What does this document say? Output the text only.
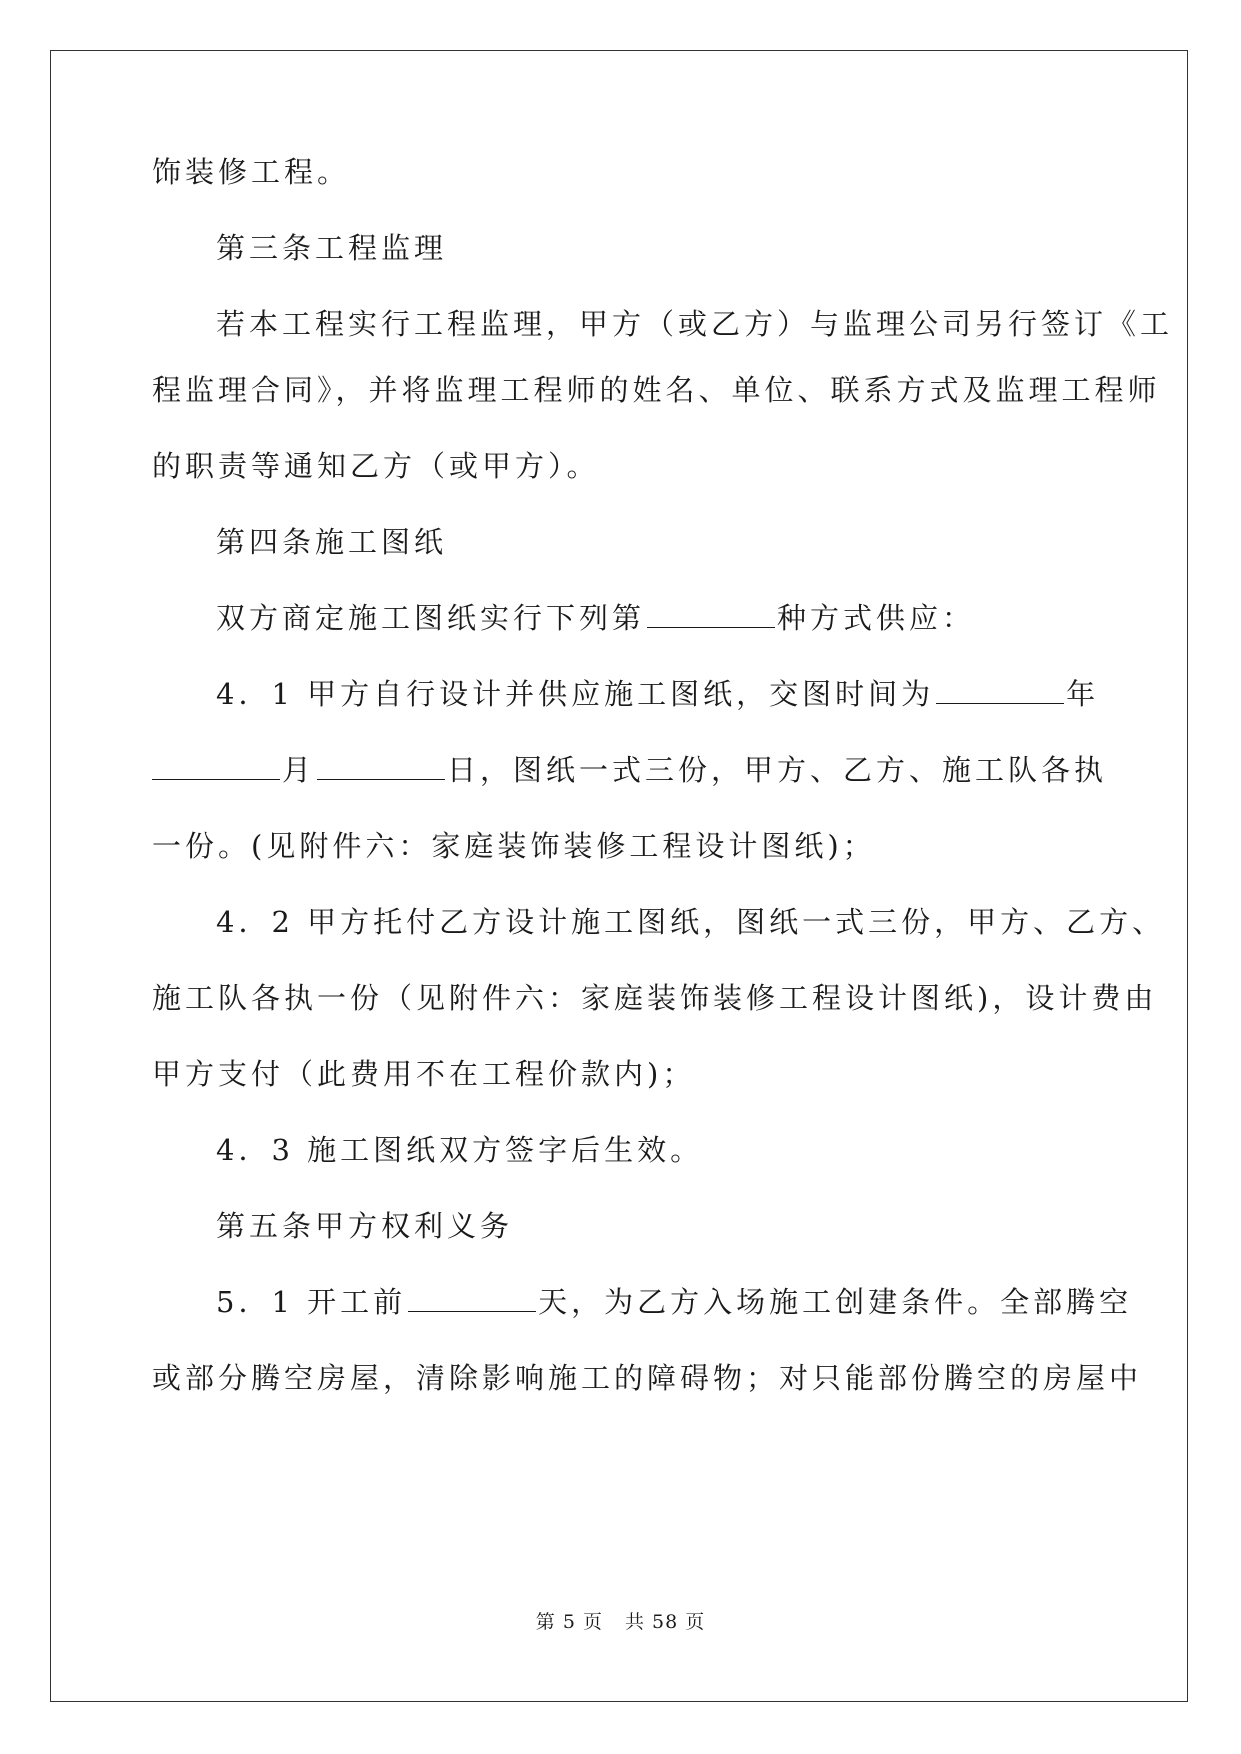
饰装修工程。

第三条工程监理

若本工程实行工程监理，甲方（或乙方）与监理公司另行签订《工

程监理合同》，并将监理工程师的姓名、单位、联系方式及监理工程师

的职责等通知乙方（或甲方）。

第四条施工图纸

双方商定施工图纸实行下列第	种方式供应：

4．1 甲方自行设计并供应施工图纸，交图时间为	年

月	日，图纸一式三份，甲方、乙方、施工队各执

一份。(见附件六：家庭装饰装修工程设计图纸)；

4．2 甲方托付乙方设计施工图纸，图纸一式三份，甲方、乙方、

施工队各执一份（见附件六：家庭装饰装修工程设计图纸)，设计费由

甲方支付（此费用不在工程价款内)；

4．3 施工图纸双方签字后生效。

第五条甲方权利义务

5．1 开工前	天，为乙方入场施工创建条件。全部腾空

或部分腾空房屋，清除影响施工的障碍物；对只能部份腾空的房屋中

第 5 页 共 58 页
